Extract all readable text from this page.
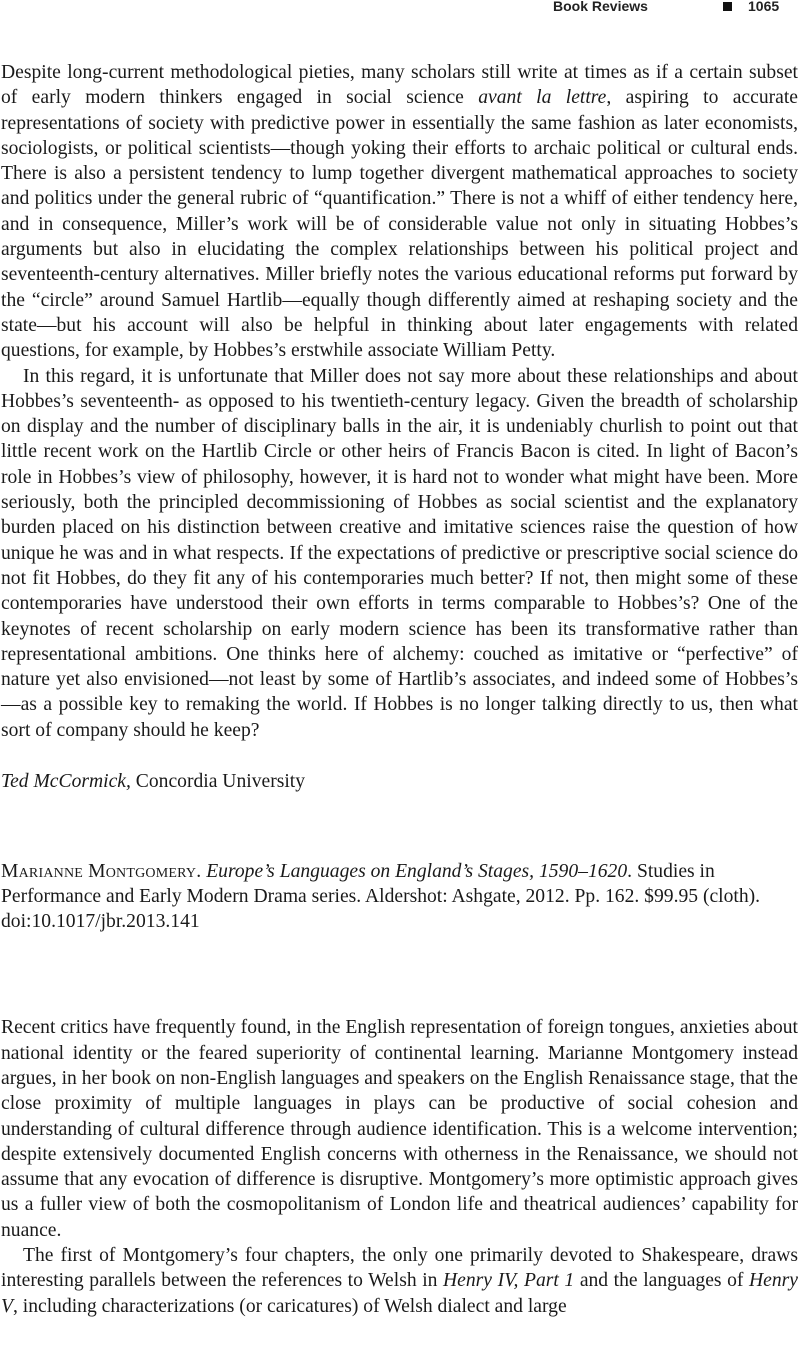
Book Reviews	1065

Despite long-current methodological pieties, many scholars still write at times as if a certain subset of early modern thinkers engaged in social science avant la lettre, aspiring to accurate representations of society with predictive power in essentially the same fashion as later economists, sociologists, or political scientists—though yoking their efforts to archaic political or cultural ends. There is also a persistent tendency to lump together divergent mathematical approaches to society and politics under the general rubric of “quantification.” There is not a whiff of either tendency here, and in consequence, Miller’s work will be of considerable value not only in situating Hobbes’s arguments but also in elucidating the complex relationships between his political project and seventeenth-century alternatives. Miller briefly notes the various educational reforms put forward by the “circle” around Samuel Hartlib—equally though differently aimed at reshaping society and the state—but his account will also be helpful in thinking about later engagements with related questions, for example, by Hobbes’s erstwhile associate William Petty.

In this regard, it is unfortunate that Miller does not say more about these relationships and about Hobbes’s seventeenth- as opposed to his twentieth-century legacy. Given the breadth of scholarship on display and the number of disciplinary balls in the air, it is undeniably churlish to point out that little recent work on the Hartlib Circle or other heirs of Francis Bacon is cited. In light of Bacon’s role in Hobbes’s view of philosophy, however, it is hard not to wonder what might have been. More seriously, both the principled decommissioning of Hobbes as social scientist and the explanatory burden placed on his distinction between creative and imitative sciences raise the question of how unique he was and in what respects. If the expectations of predictive or prescriptive social science do not fit Hobbes, do they fit any of his contemporaries much better? If not, then might some of these contemporaries have understood their own efforts in terms comparable to Hobbes’s? One of the keynotes of recent scholarship on early modern science has been its transformative rather than representational ambitions. One thinks here of alchemy: couched as imitative or “perfective” of nature yet also envisioned—not least by some of Hartlib’s associates, and indeed some of Hobbes’s—as a possible key to remaking the world. If Hobbes is no longer talking directly to us, then what sort of company should he keep?

Ted McCormick, Concordia University

Marianne Montgomery. Europe’s Languages on England’s Stages, 1590–1620. Studies in Performance and Early Modern Drama series. Aldershot: Ashgate, 2012. Pp. 162. $99.95 (cloth).
doi:10.1017/jbr.2013.141

Recent critics have frequently found, in the English representation of foreign tongues, anxieties about national identity or the feared superiority of continental learning. Marianne Montgomery instead argues, in her book on non-English languages and speakers on the English Renaissance stage, that the close proximity of multiple languages in plays can be productive of social cohesion and understanding of cultural difference through audience identification. This is a welcome intervention; despite extensively documented English concerns with otherness in the Renaissance, we should not assume that any evocation of difference is disruptive. Montgomery’s more optimistic approach gives us a fuller view of both the cosmopolitanism of London life and theatrical audiences’ capability for nuance.

The first of Montgomery’s four chapters, the only one primarily devoted to Shakespeare, draws interesting parallels between the references to Welsh in Henry IV, Part 1 and the languages of Henry V, including characterizations (or caricatures) of Welsh dialect and large
